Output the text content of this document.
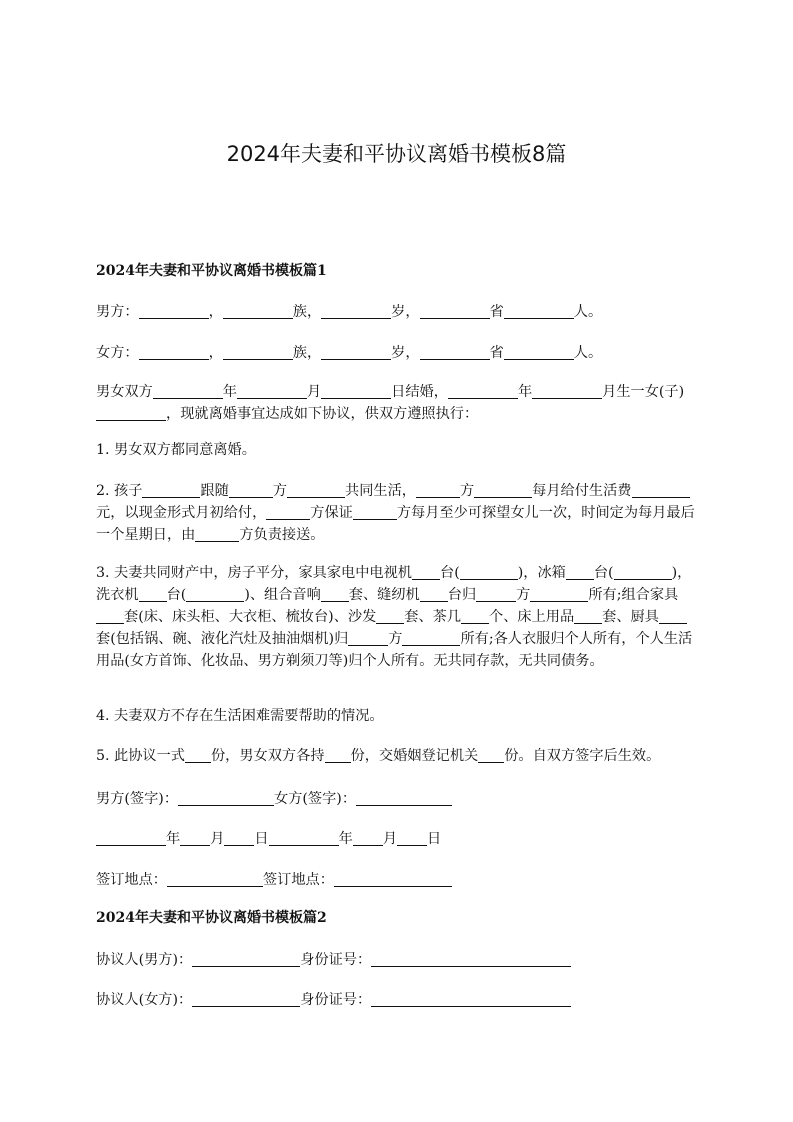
2024年夫妻和平协议离婚书模板8篇
2024年夫妻和平协议离婚书模板篇1

男方：	，	族，	岁，	省	人。

女方：	，	族，	岁，	省	人。

男女双方	年	月	日结婚，	年	月生一女(子)，现就离婚事宜达成如下协议，供双方遵照执行：

1. 男女双方都同意离婚。

2. 孩子	跟随	方	共同生活，	方	每月给付生活费元，以现金形式月初给付，	方保证	方每月至少可探望女儿一次，时间定为每月最后一个星期日，由	方负责接送。

3. 夫妻共同财产中，房子平分，家具家电中电视机 台(	)，冰箱 台(	)，洗衣机 台(	)、组合音响 套、缝纫机 台归	方	所有;组合家具套(床、床头柜、大衣柜、梳妆台)、沙发 套、茶几 个、床上用品 套、厨具套(包括锅、碗、液化汽灶及抽油烟机)归	方	所有;各人衣服归个人所有，个人生活用品(女方首饰、化妆品、男方剃须刀等)归个人所有。无共同存款，无共同债务。

4. 夫妻双方不存在生活困难需要帮助的情况。

5. 此协议一式 份，男女双方各持 份，交婚姻登记机关 份。自双方签字后生效。

男方(签字)：	女方(签字)：

年 月 日	年 月 日

签订地点：	签订地点：

2024年夫妻和平协议离婚书模板篇2

协议人(男方)：	身份证号：

协议人(女方)：	身份证号：
